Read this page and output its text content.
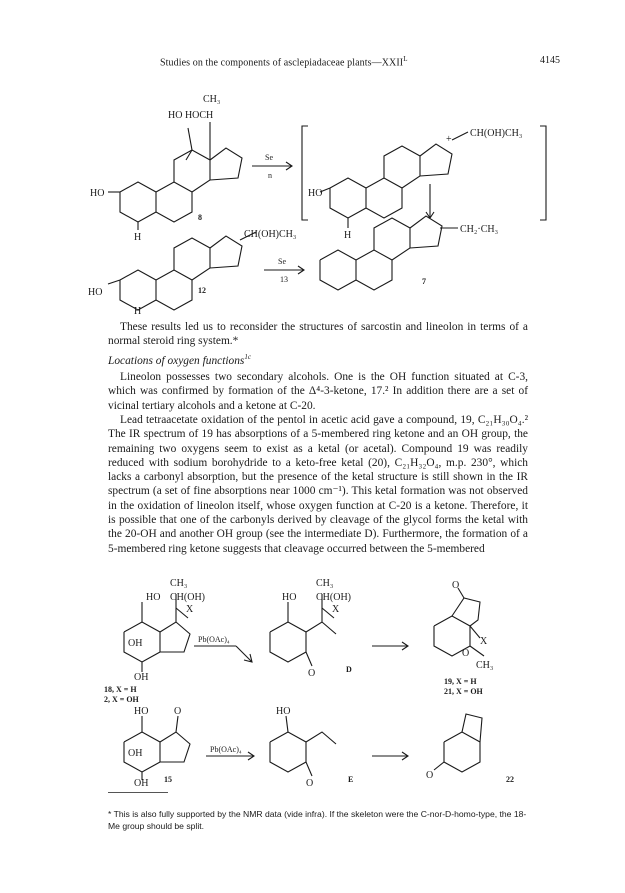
Studies on the components of asclepiadaceae $plants—XXII^L$	4145
CH₃
HO HOCH
HO
H
8
Se
n
+
CH(OH)CH₃
HO
H
CH(OH)CH₃
HO
H
12
Se
13
CH₂·CH₃
7

These results led us to reconsider the structures of sarcostin and lineolon in terms of a normal steroid ring system.*

Locations of oxygen functions$^{1c}$

Lineolon possesses two secondary alcohols. One is the OH function situated at C-3, which was confirmed by formation of the Δ⁴-3-ketone, 17.² In addition there are a set of vicinal tertiary alcohols and a ketone at C-20.

Lead tetraacetate oxidation of the pentol in acetic acid gave a compound, 19, C₂₁H₃₀O₄.² The IR spectrum of 19 has absorptions of a 5-membered ring ketone and an OH group, the remaining two oxygens seem to exist as a ketal (or acetal). Compound 19 was readily reduced with sodium borohydride to a keto-free ketal (20), C₂₁H₃₂O₄, m.p. 230°, which lacks a carbonyl absorption, but the presence of the ketal structure is still shown in the IR spectrum (a set of fine absorptions near 1000 cm⁻¹). This ketal formation was not observed in the oxidation of lineolon itself, whose oxygen function at C-20 is a ketone. Therefore, it is possible that one of the carbonyls derived by cleavage of the glycol forms the ketal with the 20-OH and another OH group (see the intermediate D). Furthermore, the formation of a 5-membered ring ketone suggests that cleavage occurred between the 5-membered

CH₃
HO CH(OH)
X
OH
OH
18, X = H
2, X = OH
Pb(OAc)₄
CH₃
HO CH(OH)
X
O	D
O
X
CH₃
O
19, X = H
21, X = OH
HO	O
OH
OH 15
Pb(OAc)₄
HO
O	E	O	22
* This is also fully supported by the NMR data (vide infra). If the skeleton were the C-nor-D-homo-type, the 18-Me group should be split.
